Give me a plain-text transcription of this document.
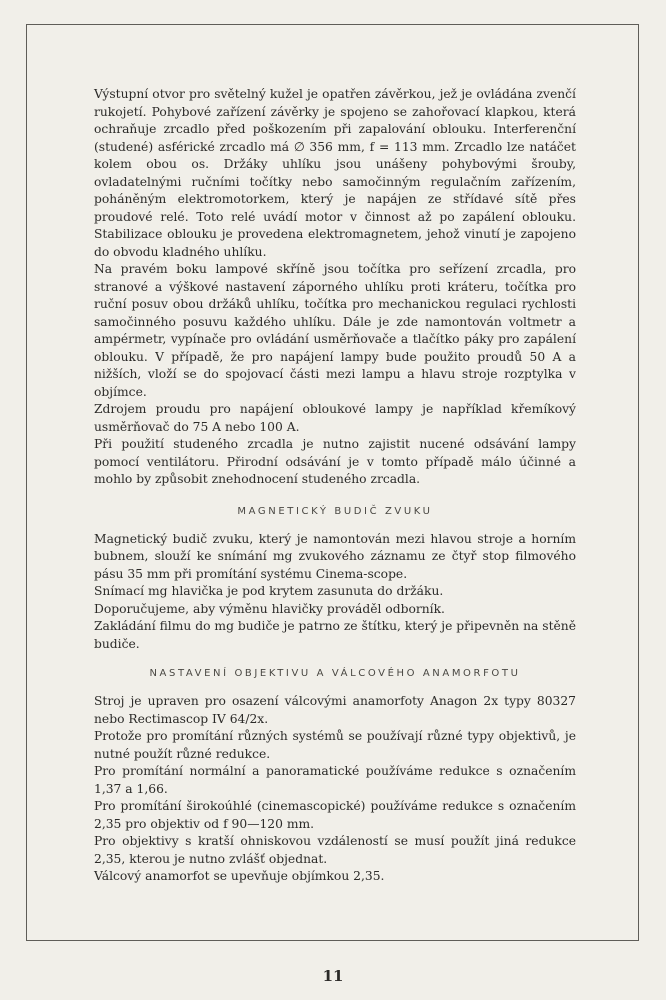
Výstupní otvor pro světelný kužel je opatřen závěrkou, jež je ovládána zvenčí rukojetí. Pohybové zařízení závěrky je spojeno se zahořovací klapkou, která ochraňuje zrcadlo před poškozením při zapalování oblouku. Interferenční (studené) asférické zrcadlo má ∅ 356 mm, f = 113 mm. Zrcadlo lze natáčet kolem obou os. Držáky uhlíku jsou unášeny pohybovými šrouby, ovladatelnými ručními točítky nebo samočinným regulačním zařízením, poháněným elektromotorkem, který je napájen ze střídavé sítě přes proudové relé. Toto relé uvádí motor v činnost až po zapálení oblouku. Stabilizace oblouku je provedena elektromagnetem, jehož vinutí je zapojeno do obvodu kladného uhlíku.

Na pravém boku lampové skříně jsou točítka pro seřízení zrcadla, pro stranové a výškové nastavení záporného uhlíku proti kráteru, točítka pro ruční posuv obou držáků uhlíku, točítka pro mechanickou regulaci rychlosti samočinného posuvu každého uhlíku. Dále je zde namontován voltmetr a ampérmetr, vypínače pro ovládání usměrňovače a tlačítko páky pro zapálení oblouku. V případě, že pro napájení lampy bude použito proudů 50 A a nižších, vloží se do spojovací části mezi lampu a hlavu stroje rozptylka v objímce.

Zdrojem proudu pro napájení obloukové lampy je například křemíkový usměrňovač do 75 A nebo 100 A.

Při použití studeného zrcadla je nutno zajistit nucené odsávání lampy pomocí ventilátoru. Přirodní odsávání je v tomto případě málo účinné a mohlo by způsobit znehodnocení studeného zrcadla.

MAGNETICKÝ BUDIČ ZVUKU

Magnetický budič zvuku, který je namontován mezi hlavou stroje a horním bubnem, slouží ke snímání mg zvukového záznamu ze čtyř stop filmového pásu 35 mm při promítání systému Cinema-scope.

Snímací mg hlavička je pod krytem zasunuta do držáku.

Doporučujeme, aby výměnu hlavičky prováděl odborník.

Zakládání filmu do mg budiče je patrno ze štítku, který je připevněn na stěně budiče.

NASTAVENÍ OBJEKTIVU A VÁLCOVÉHO ANAMORFOTU

Stroj je upraven pro osazení válcovými anamorfoty Anagon 2x typy 80327 nebo Rectimascop IV 64/2x.

Protože pro promítání různých systémů se používají různé typy objektivů, je nutné použít různé redukce.

Pro promítání normální a panoramatické používáme redukce s označením 1,37 a 1,66.

Pro promítání širokoúhlé (cinemascopické) používáme redukce s označením 2,35 pro objektiv od f 90—120 mm.

Pro objektivy s kratší ohniskovou vzdáleností se musí použít jiná redukce 2,35, kterou je nutno zvlášť objednat.

Válcový anamorfot se upevňuje objímkou 2,35.

11
